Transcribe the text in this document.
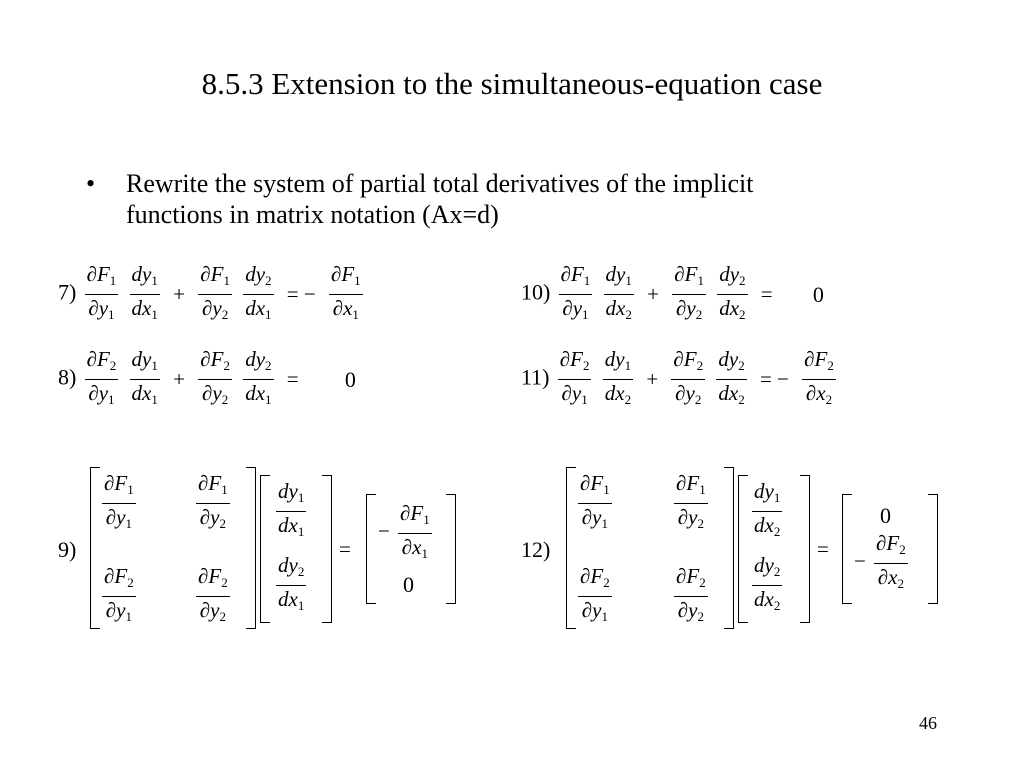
8.5.3 Extension to the simultaneous-equation case
• Rewrite the system of partial total derivatives of the implicit functions in matrix notation (Ax=d)
$7) \frac{\partial F_1}{\partial y_1}$
$\frac{dy_1}{dx_1} + \frac{\partial F_1}{\partial y_2}$
$\frac{dy_2}{dx_1}$ = − $\frac{\partial F_1}{\partial x_1}$
$8) \frac{\partial F_2}{\partial y_1}$
$\frac{dy_1}{dx_1} + \frac{\partial F_2}{\partial y_2}$
$\frac{dy_2}{dx_1} = 0$
$10) \frac{\partial F_1}{\partial y_1}$
$\frac{dy_1}{dx_2} + \frac{\partial F_1}{\partial y_2}$
$\frac{dy_2}{dx_2} = 0$
$11) \frac{\partial F_2}{\partial y_1}$
$\frac{dy_1}{dx_2} + \frac{\partial F_2}{\partial y_2}$
$\frac{dy_2}{dx_2}$ = − $\frac{\partial F_2}{\partial x_2}$
9)
$\frac{\partial F_1}{\partial y_1}$	$\frac{\partial F_1}{\partial y_2}$
$\frac{\partial F_2}{\partial y_1}$	$\frac{\partial F_2}{\partial y_2}$
$\frac{dy_1}{dx_1}$
$\frac{dy_2}{dx_1}$
=
− $\frac{\partial F_1}{\partial x_1}$
0
12)
$\frac{\partial F_1}{\partial y_1}$	$\frac{\partial F_1}{\partial y_2}$
$\frac{\partial F_2}{\partial y_1}$	$\frac{\partial F_2}{\partial y_2}$
$\frac{dy_1}{dx_2}$
$\frac{dy_2}{dx_2}$
=
0
− $\frac{\partial F_2}{\partial x_2}$
46
